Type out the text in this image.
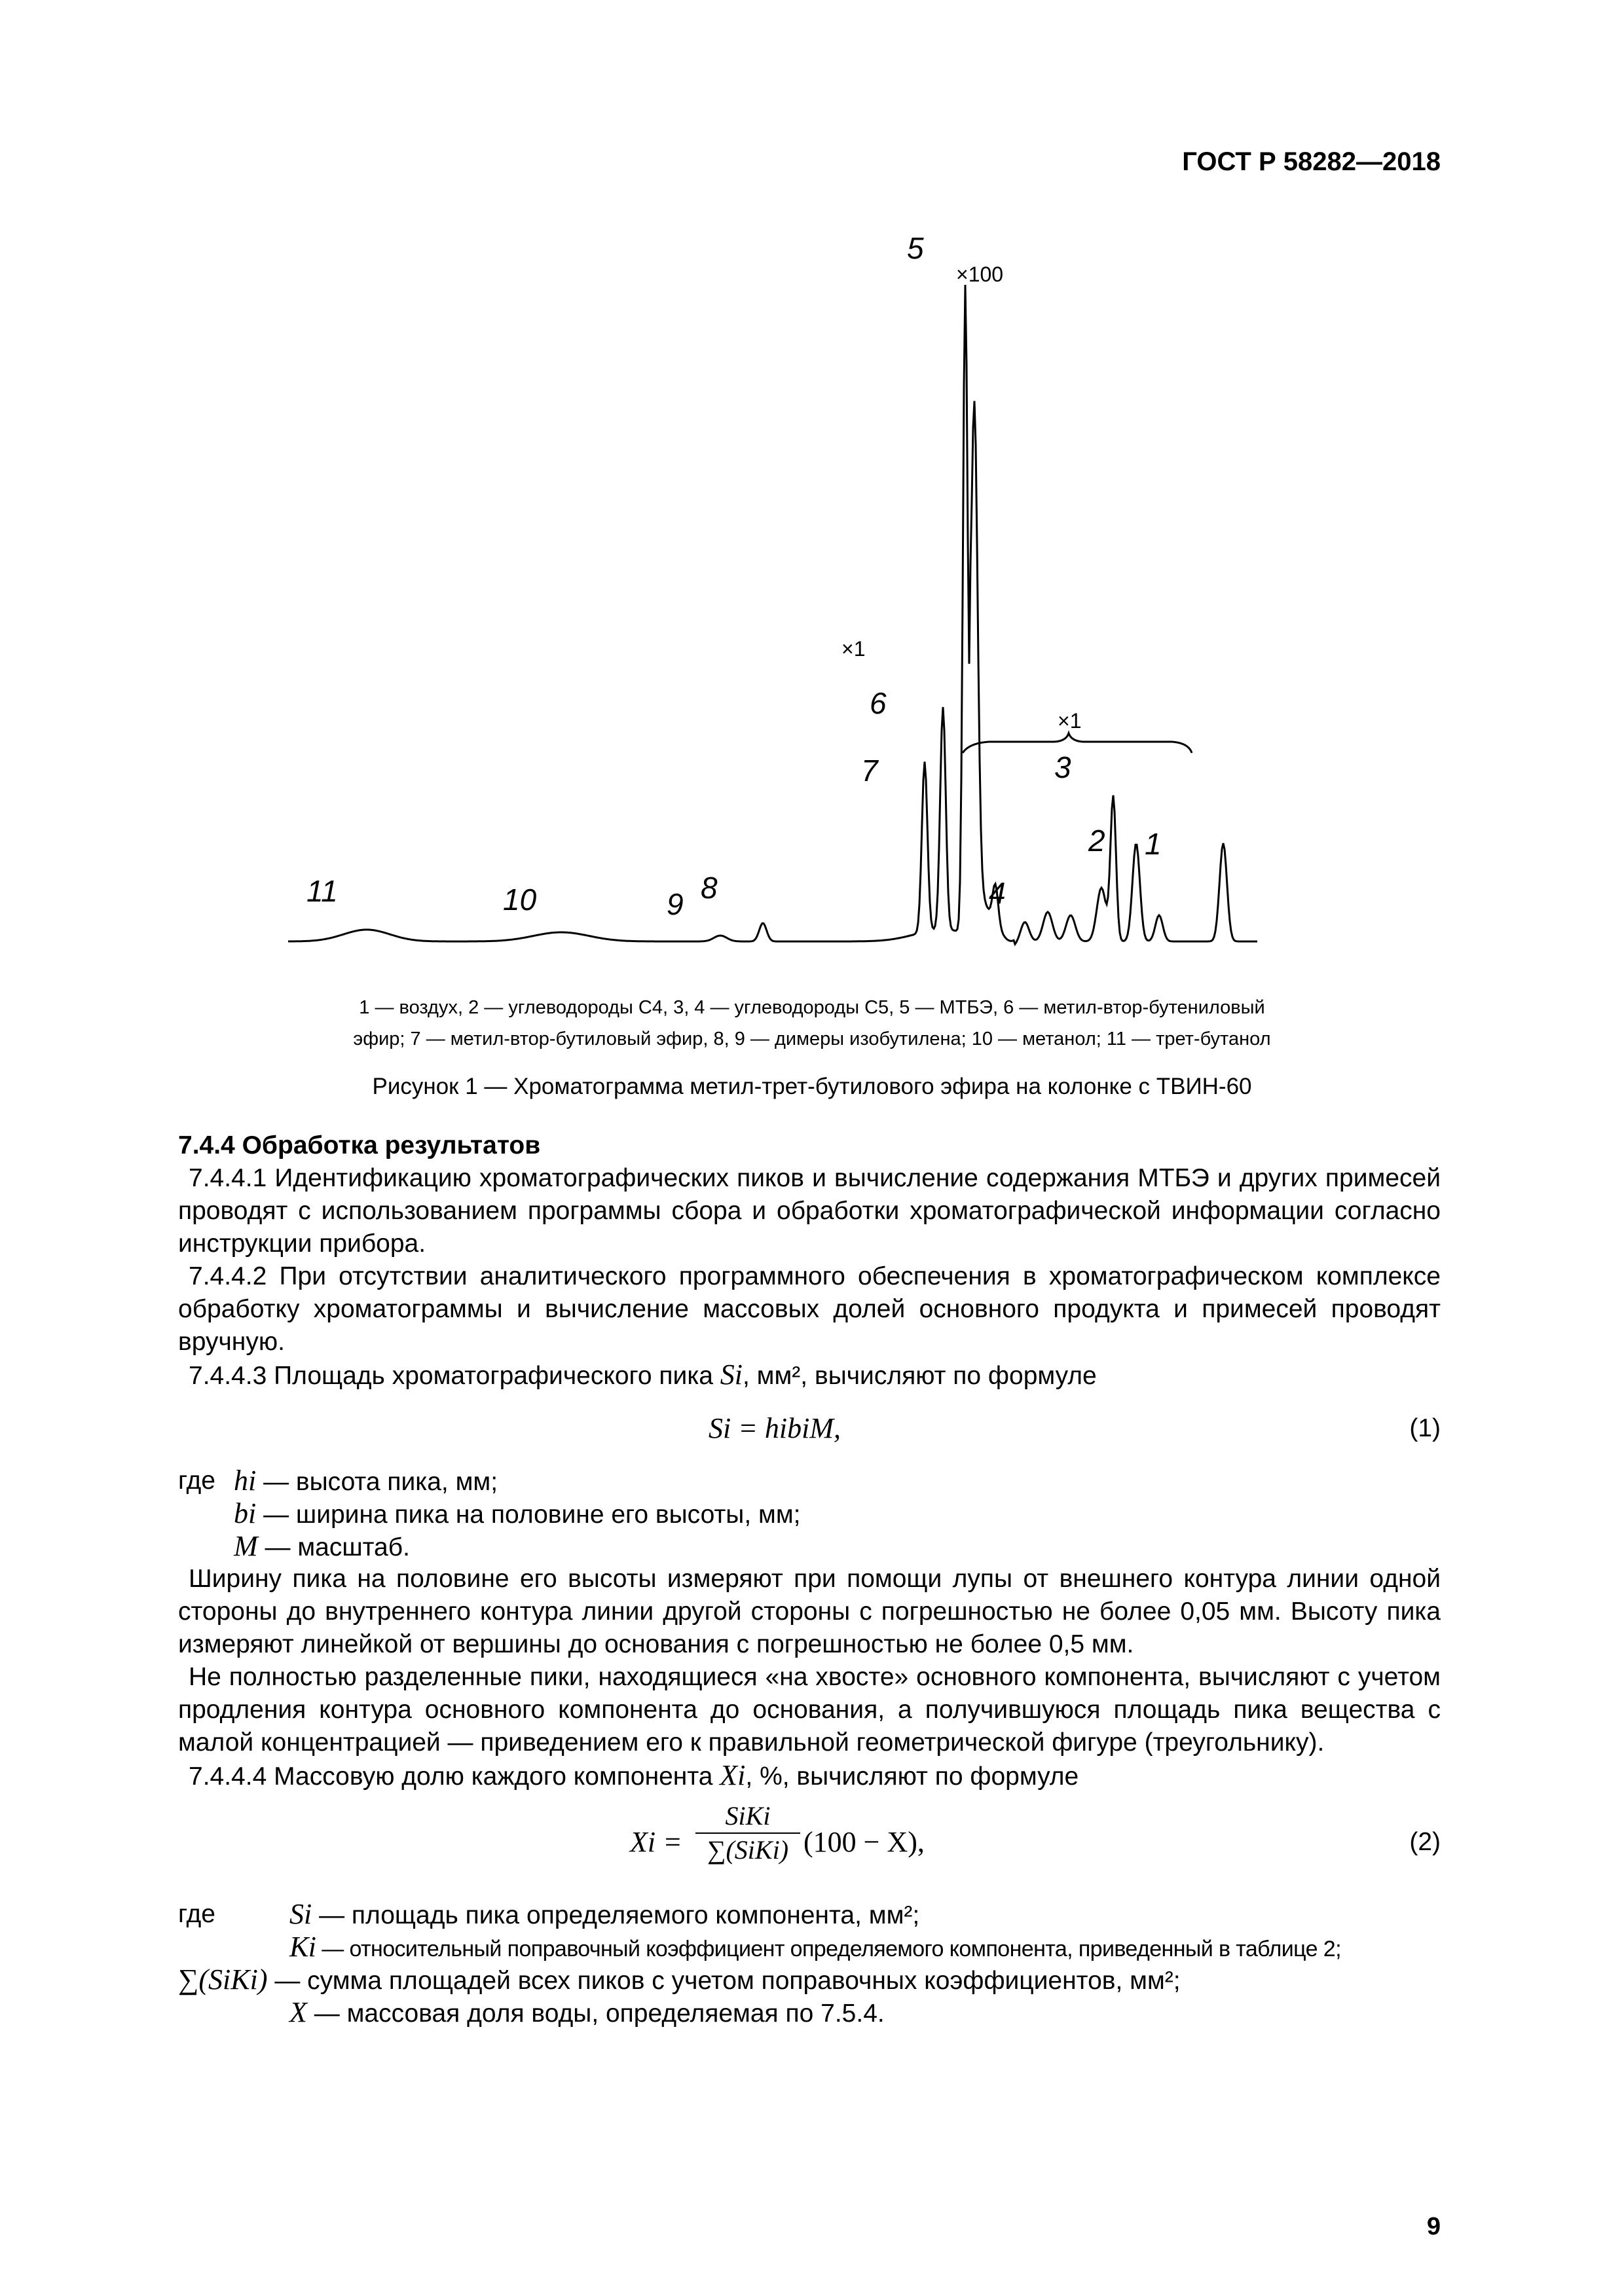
ГОСТ Р 58282—2018
×100
×1
×1
1
2
3
4
5
6
7
8
9
10
11
1 — воздух, 2 — углеводороды С4, 3, 4 — углеводороды С5, 5 — МТБЭ, 6 — метил-втор-бутениловый
эфир; 7 — метил-втор-бутиловый эфир, 8, 9 — димеры изобутилена; 10 — метанол; 11 — трет-бутанол
Рисунок 1 — Хроматограмма метил-трет-бутилового эфира на колонке с ТВИН-60
7.4.4 Обработка результатов

7.4.4.1 Идентификацию хроматографических пиков и вычисление содержания МТБЭ и других примесей проводят с использованием программы сбора и обработки хроматографической информации согласно инструкции прибора.

7.4.4.2 При отсутствии аналитического программного обеспечения в хроматографическом комплексе обработку хроматограммы и вычисление массовых долей основного продукта и примесей проводят вручную.

7.4.4.3 Площадь хроматографического пика Si, мм², вычисляют по формуле

Si = hibiM,	(1)
где hi — высота пика, мм;
bi — ширина пика на половине его высоты, мм;
M — масштаб.

Ширину пика на половине его высоты измеряют при помощи лупы от внешнего контура линии одной стороны до внутреннего контура линии другой стороны с погрешностью не более 0,05 мм. Высоту пика измеряют линейкой от вершины до основания с погрешностью не более 0,5 мм.

Не полностью разделенные пики, находящиеся «на хвосте» основного компонента, вычисляют с учетом продления контура основного компонента до основания, а получившуюся площадь пика вещества с малой концентрацией — приведением его к правильной геометрической фигуре (треугольнику).

7.4.4.4 Массовую долю каждого компонента Xi, %, вычисляют по формуле

Xi =
SiKi
∑(SiKi) (100 − X),	(2)
где	Si — площадь пика определяемого компонента, мм²;
Ki — относительный поправочный коэффициент определяемого компонента, приведенный в таблице 2;
∑(SiKi) — сумма площадей всех пиков с учетом поправочных коэффициентов, мм²;
X — массовая доля воды, определяемая по 7.5.4.
9
